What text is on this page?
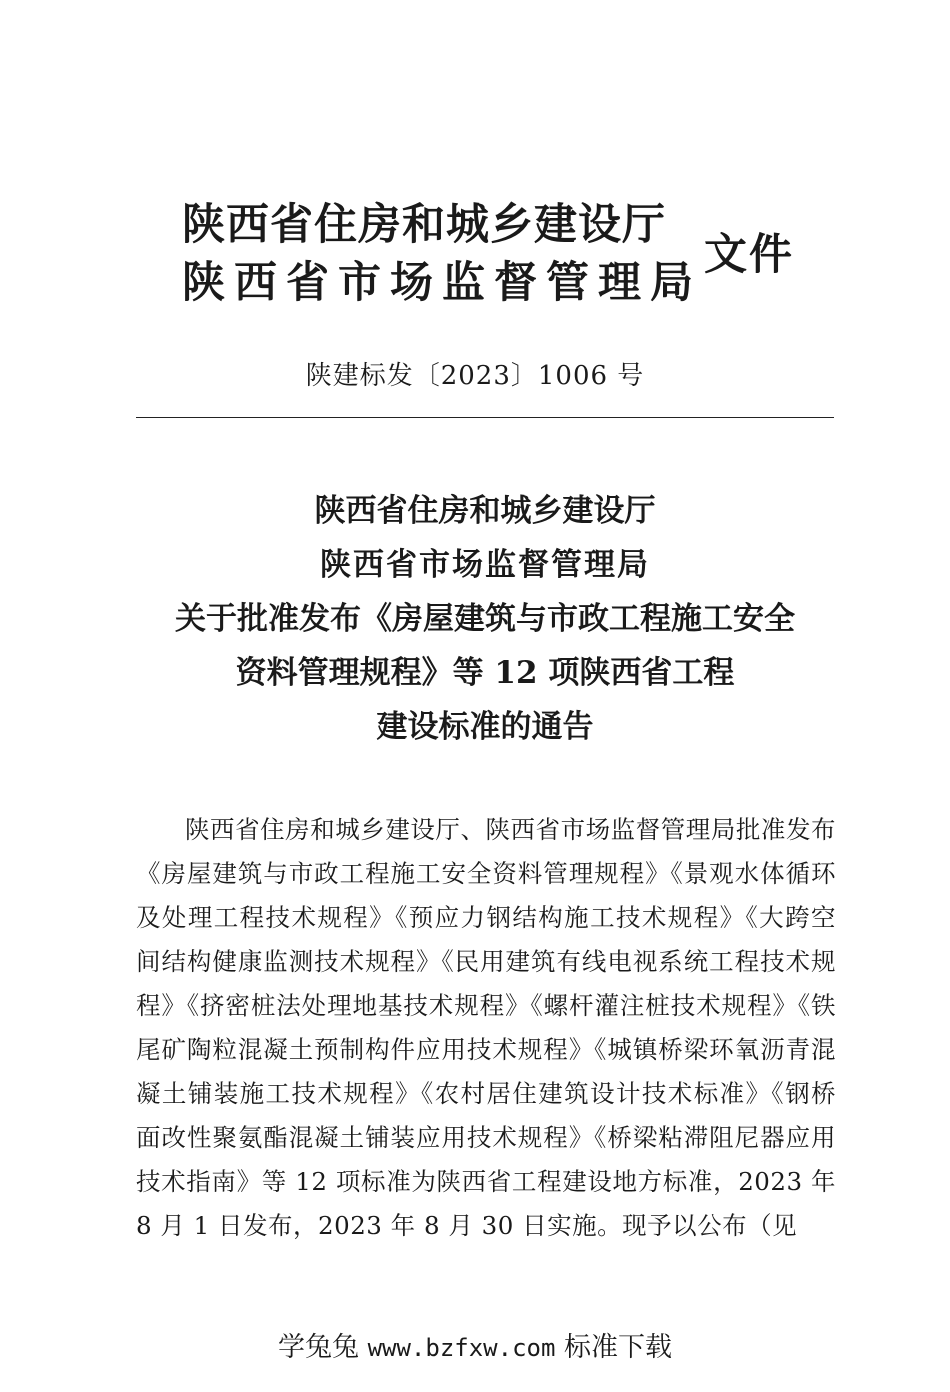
陕西省住房和城乡建设厅
陕西省市场监督管理局
文件
陕建标发〔2023〕1006 号
陕西省住房和城乡建设厅
陕西省市场监督管理局
关于批准发布《房屋建筑与市政工程施工安全
资料管理规程》等 12 项陕西省工程
建设标准的通告

陕西省住房和城乡建设厅、陕西省市场监督管理局批准发布《房屋建筑与市政工程施工安全资料管理规程》《景观水体循环及处理工程技术规程》《预应力钢结构施工技术规程》《大跨空间结构健康监测技术规程》《民用建筑有线电视系统工程技术规程》《挤密桩法处理地基技术规程》《螺杆灌注桩技术规程》《铁尾矿陶粒混凝土预制构件应用技术规程》《城镇桥梁环氧沥青混凝土铺装施工技术规程》《农村居住建筑设计技术标准》《钢桥面改性聚氨酯混凝土铺装应用技术规程》《桥梁粘滞阻尼器应用技术指南》等 12 项标准为陕西省工程建设地方标准，2023 年 8 月 1 日发布，2023 年 8 月 30 日实施。现予以公布（见

学兔兔 www.bzfxw.com 标准下载
